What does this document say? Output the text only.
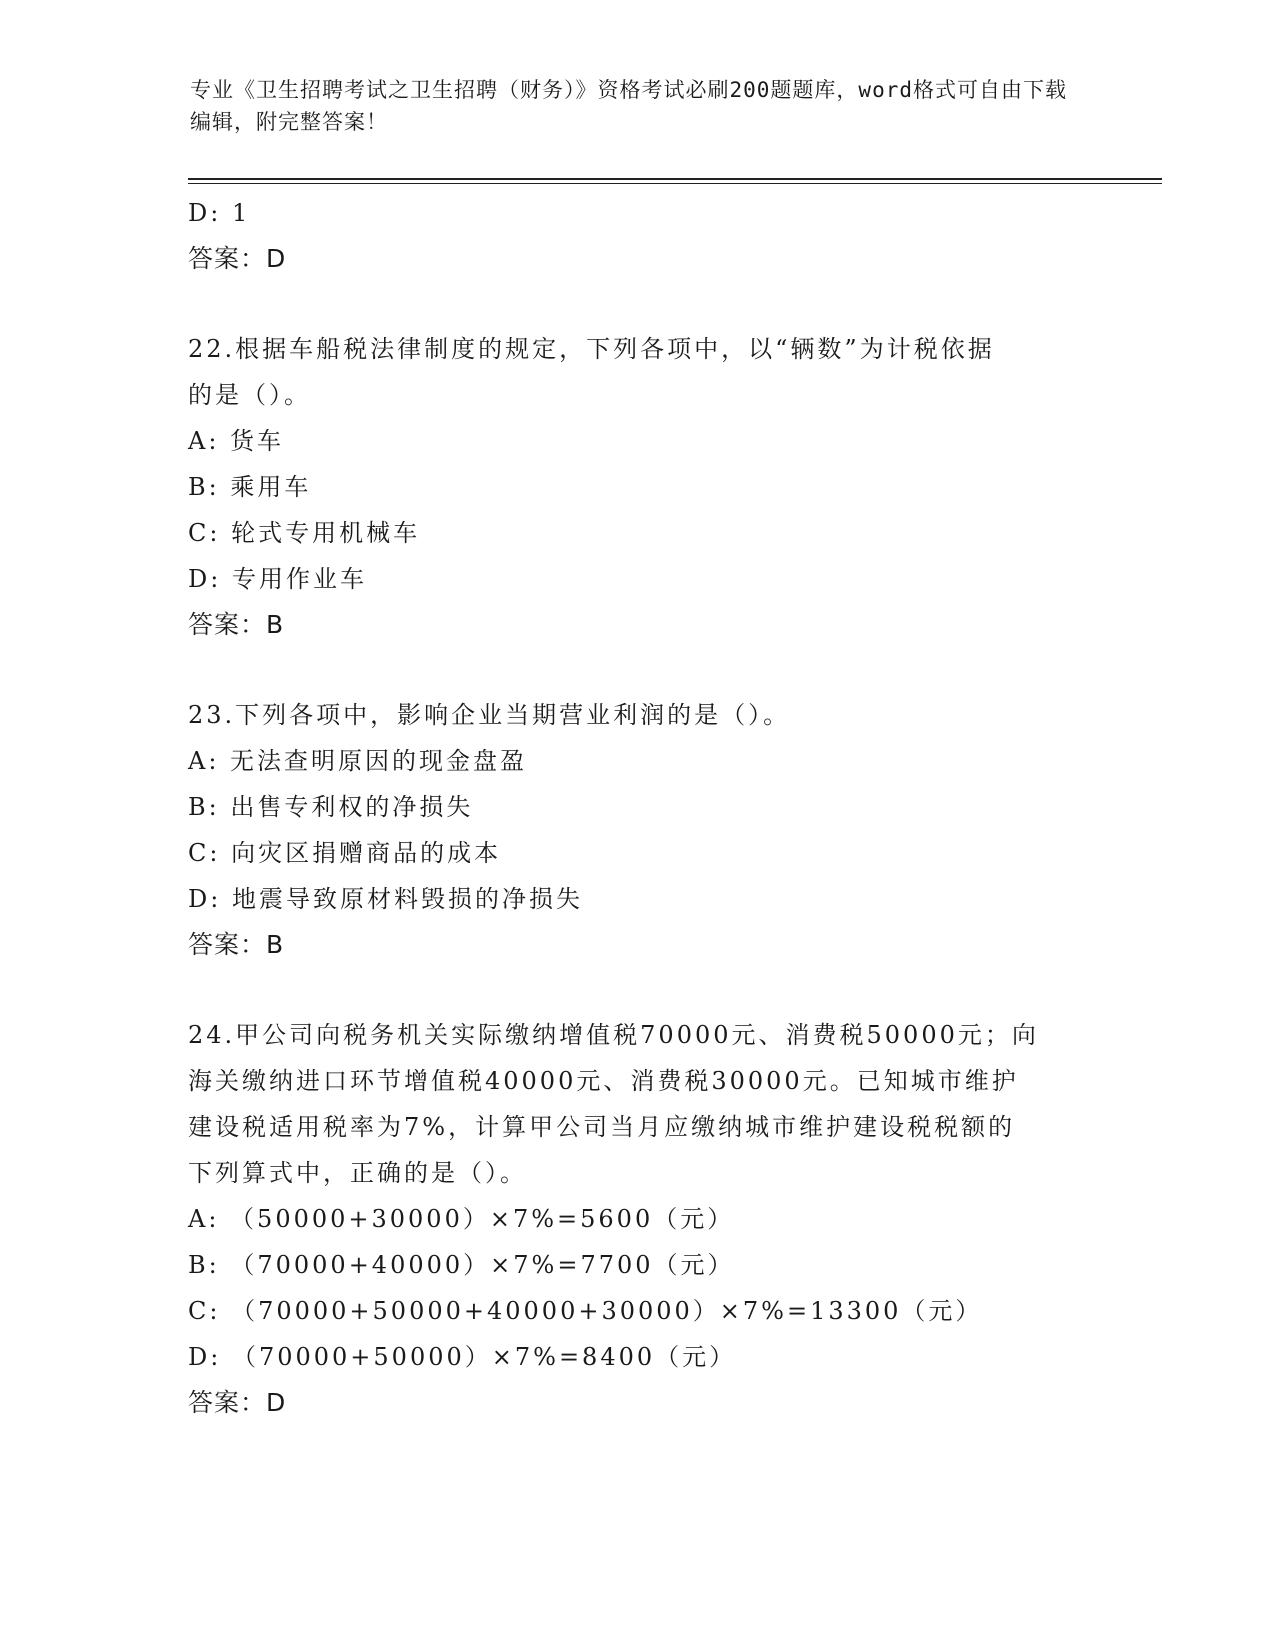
专业《卫生招聘考试之卫生招聘（财务）》资格考试必刷200题题库，word格式可自由下载编辑，附完整答案！
D: 1
答案：D
22.根据车船税法律制度的规定，下列各项中，以“辆数”为计税依据
的是（）。
A: 货车
B: 乘用车
C: 轮式专用机械车
D: 专用作业车
答案：B
23.下列各项中，影响企业当期营业利润的是（）。
A: 无法查明原因的现金盘盈
B: 出售专利权的净损失
C: 向灾区捐赠商品的成本
D: 地震导致原材料毁损的净损失
答案：B
24.甲公司向税务机关实际缴纳增值税70000元、消费税50000元；向
海关缴纳进口环节增值税40000元、消费税30000元。已知城市维护
建设税适用税率为7%，计算甲公司当月应缴纳城市维护建设税税额的
下列算式中，正确的是（）。
A: （50000+30000）×7%=5600（元）
B: （70000+40000）×7%=7700（元）
C: （70000+50000+40000+30000）×7%=13300（元）
D: （70000+50000）×7%=8400（元）
答案：D
